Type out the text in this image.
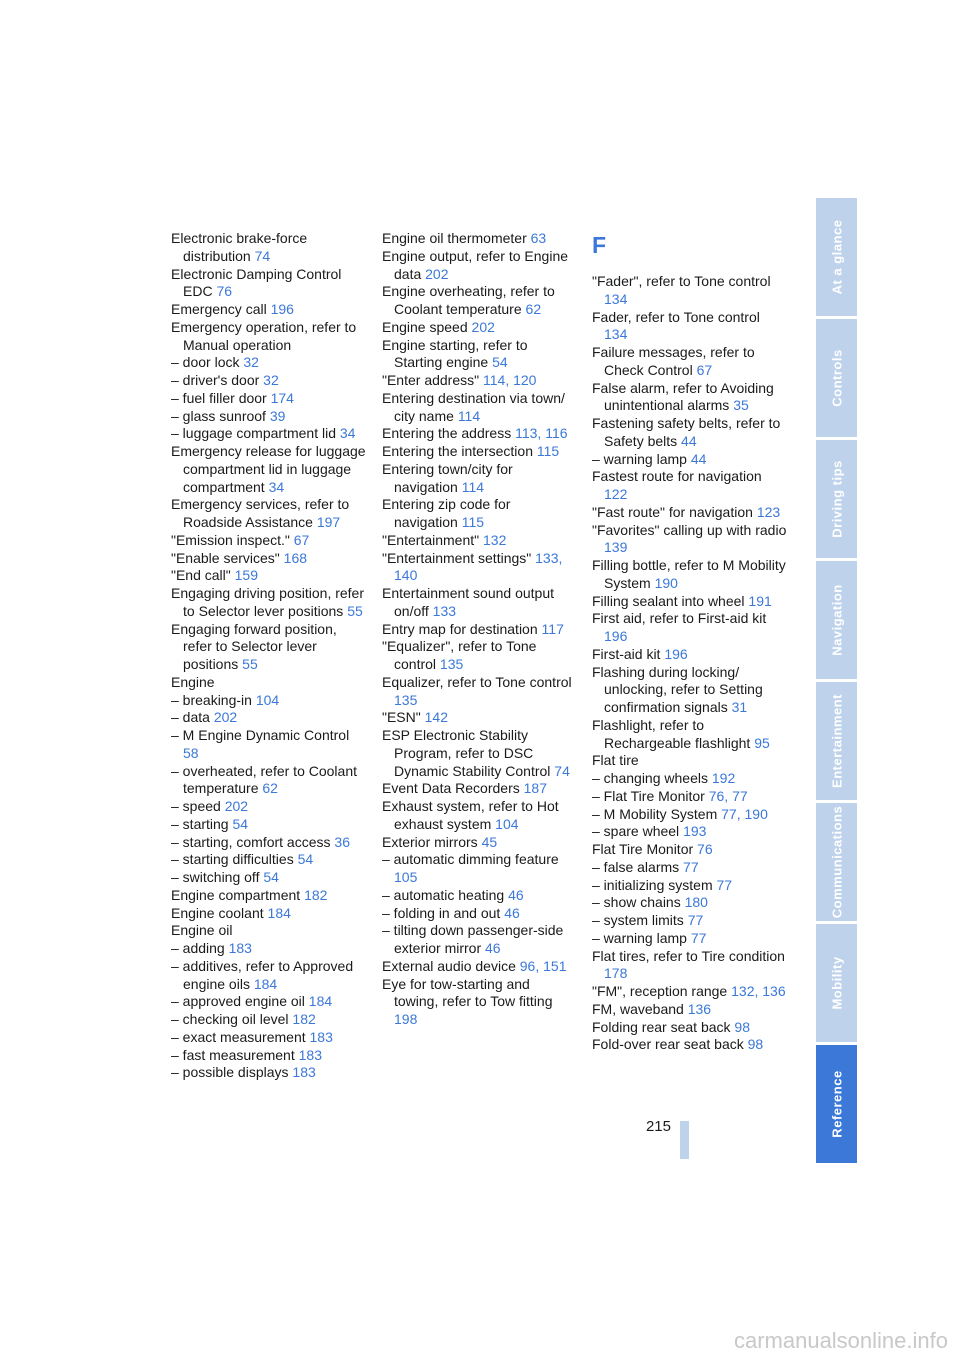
Electronic brake-force distribution 74
Electronic Damping Control EDC 76
Emergency call 196
Emergency operation, refer to Manual operation
– door lock 32
– driver's door 32
– fuel filler door 174
– glass sunroof 39
– luggage compartment lid 34
Emergency release for luggage compartment lid in luggage compartment 34
Emergency services, refer to Roadside Assistance 197
"Emission inspect." 67
"Enable services" 168
"End call" 159
Engaging driving position, refer to Selector lever positions 55
Engaging forward position, refer to Selector lever positions 55
Engine
– breaking-in 104
– data 202
– M Engine Dynamic Control58
– overheated, refer to Coolant temperature 62
– speed 202
– starting 54
– starting, comfort access 36
– starting difficulties 54
– switching off 54
Engine compartment 182
Engine coolant 184
Engine oil
– adding 183
– additives, refer to Approved engine oils 184
– approved engine oil 184
– checking oil level 182
– exact measurement 183
– fast measurement 183
– possible displays 183
Engine oil thermometer 63
Engine output, refer to Engine data 202
Engine overheating, refer to Coolant temperature 62
Engine speed 202
Engine starting, refer to Starting engine 54
"Enter address" 114, 120
Entering destination via town/ city name 114
Entering the address 113, 116
Entering the intersection 115
Entering town/city for navigation 114
Entering zip code for navigation 115
"Entertainment" 132
"Entertainment settings" 133,140
Entertainment sound output on/off 133
Entry map for destination 117
"Equalizer", refer to Tone control 135
Equalizer, refer to Tone control135
"ESN" 142
ESP Electronic Stability Program, refer to DSC Dynamic Stability Control 74
Event Data Recorders 187
Exhaust system, refer to Hot exhaust system 104
Exterior mirrors 45
– automatic dimming feature105
– automatic heating 46
– folding in and out 46
– tilting down passenger-side exterior mirror 46
External audio device 96, 151
Eye for tow-starting and towing, refer to Tow fitting198
F
"Fader", refer to Tone control134
Fader, refer to Tone control134
Failure messages, refer to Check Control 67
False alarm, refer to Avoiding unintentional alarms 35
Fastening safety belts, refer to Safety belts 44
– warning lamp 44
Fastest route for navigation122
"Fast route" for navigation 123
"Favorites" calling up with radio139
Filling bottle, refer to M Mobility System 190
Filling sealant into wheel 191
First aid, refer to First-aid kit196
First-aid kit 196
Flashing during locking/ unlocking, refer to Setting confirmation signals 31
Flashlight, refer to Rechargeable flashlight 95
Flat tire
– changing wheels 192
– Flat Tire Monitor 76, 77
– M Mobility System 77, 190
– spare wheel 193
Flat Tire Monitor 76
– false alarms 77
– initializing system 77
– show chains 180
– system limits 77
– warning lamp 77
Flat tires, refer to Tire condition178
"FM", reception range 132, 136
FM, waveband 136
Folding rear seat back 98
Fold-over rear seat back 98
At a glance
Controls
Driving tips
Navigation
Entertainment
Communications
Mobility
Reference
215
carmanualsonline.info
